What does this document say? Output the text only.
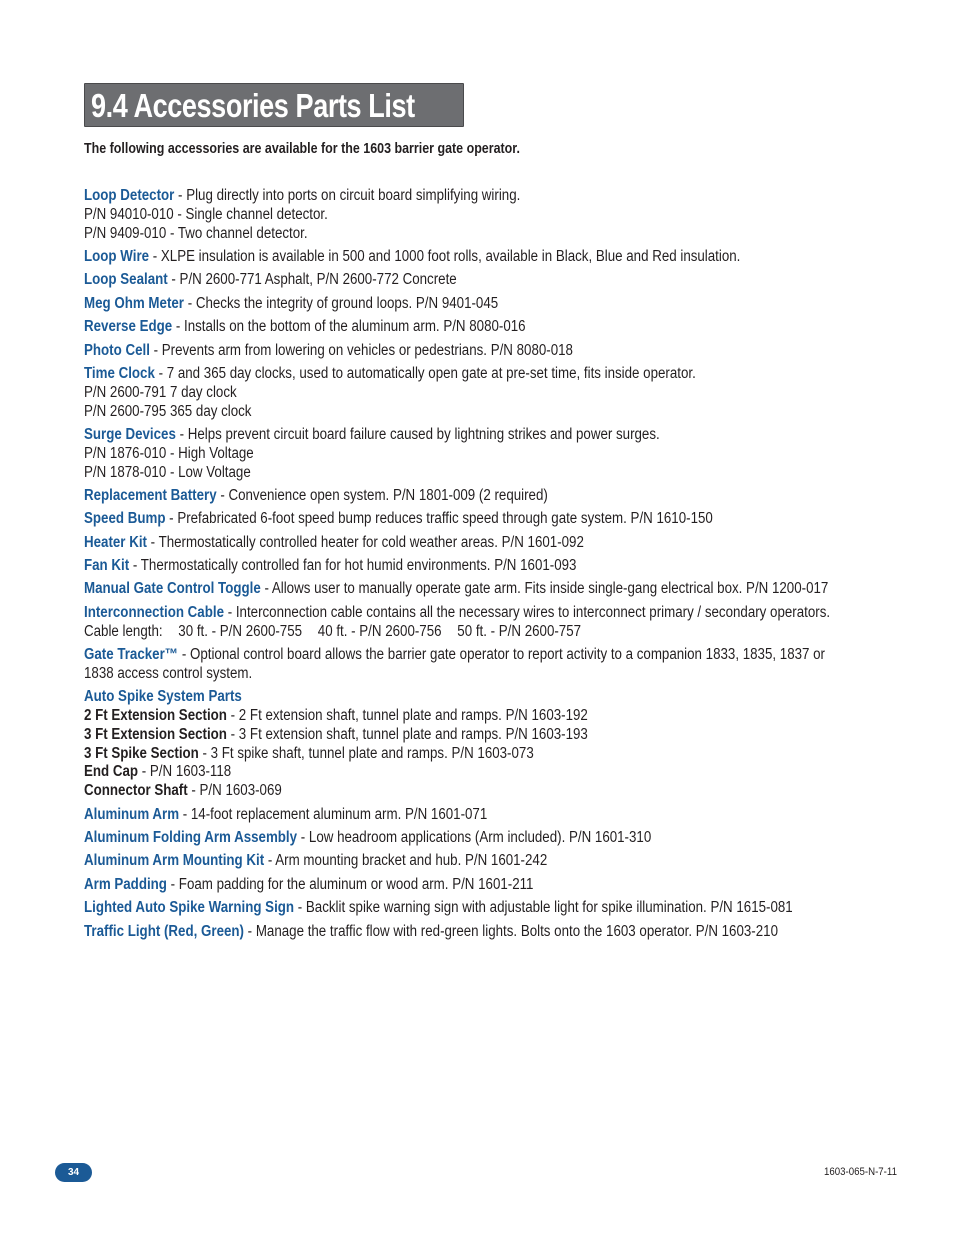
9.4 Accessories Parts List
The following accessories are available for the 1603 barrier gate operator.
Loop Detector - Plug directly into ports on circuit board simplifying wiring.
P/N 94010-010 - Single channel detector.
P/N 9409-010 - Two channel detector.
Loop Wire - XLPE insulation is available in 500 and 1000 foot rolls, available in Black, Blue and Red insulation.
Loop Sealant - P/N 2600-771 Asphalt, P/N 2600-772 Concrete
Meg Ohm Meter - Checks the integrity of ground loops. P/N 9401-045
Reverse Edge - Installs on the bottom of the aluminum arm. P/N 8080-016
Photo Cell - Prevents arm from lowering on vehicles or pedestrians. P/N 8080-018
Time Clock - 7 and 365 day clocks, used to automatically open gate at pre-set time, fits inside operator.
P/N 2600-791 7 day clock
P/N 2600-795 365 day clock
Surge Devices - Helps prevent circuit board failure caused by lightning strikes and power surges.
P/N 1876-010 - High Voltage
P/N 1878-010 - Low Voltage
Replacement Battery - Convenience open system. P/N 1801-009 (2 required)
Speed Bump - Prefabricated 6-foot speed bump reduces traffic speed through gate system. P/N 1610-150
Heater Kit - Thermostatically controlled heater for cold weather areas. P/N 1601-092
Fan Kit - Thermostatically controlled fan for hot humid environments. P/N 1601-093
Manual Gate Control Toggle - Allows user to manually operate gate arm. Fits inside single-gang electrical box. P/N 1200-017
Interconnection Cable - Interconnection cable contains all the necessary wires to interconnect primary / secondary operators.
Cable length: 30 ft. - P/N 2600-755 40 ft. - P/N 2600-756 50 ft. - P/N 2600-757
Gate Tracker™ - Optional control board allows the barrier gate operator to report activity to a companion 1833, 1835, 1837 or
1838 access control system.
Auto Spike System Parts
2 Ft Extension Section - 2 Ft extension shaft, tunnel plate and ramps. P/N 1603-192
3 Ft Extension Section - 3 Ft extension shaft, tunnel plate and ramps. P/N 1603-193
3 Ft Spike Section - 3 Ft spike shaft, tunnel plate and ramps. P/N 1603-073
End Cap - P/N 1603-118
Connector Shaft - P/N 1603-069
Aluminum Arm - 14-foot replacement aluminum arm. P/N 1601-071
Aluminum Folding Arm Assembly - Low headroom applications (Arm included). P/N 1601-310
Aluminum Arm Mounting Kit - Arm mounting bracket and hub. P/N 1601-242
Arm Padding - Foam padding for the aluminum or wood arm. P/N 1601-211
Lighted Auto Spike Warning Sign - Backlit spike warning sign with adjustable light for spike illumination. P/N 1615-081
Traffic Light (Red, Green) - Manage the traffic flow with red-green lights. Bolts onto the 1603 operator. P/N 1603-210
34	1603-065-N-7-11
